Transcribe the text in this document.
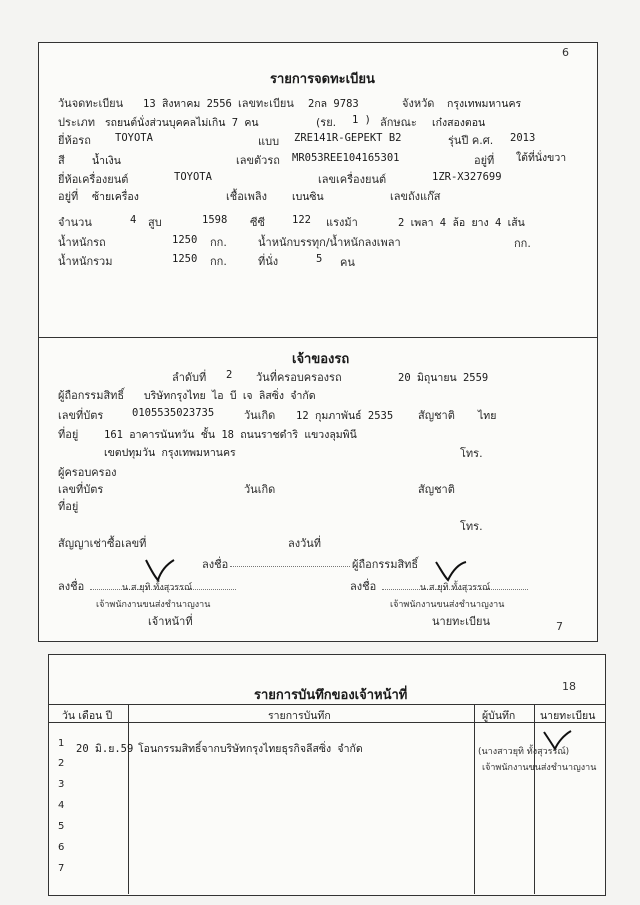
6
รายการจดทะเบียน
วันจดทะเบียน 13 สิงหาคม 2556 เลขทะเบียน 2กล 9783	จังหวัด กรุงเทพมหานคร
ประเภท รถยนต์นั่งส่วนบุคคลไม่เกิน 7 คน	(รย. 1 ) ลักษณะ เก๋งสองตอน
ยี่ห้อรถ TOYOTA	แบบ ZRE141R-GEPEKT B2	รุ่นปี ค.ศ. 2013
สี	น้ำเงิน	เลขตัวรถ MR053REE104165301	อยู่ที่ ใต้ที่นั่งขวา
ยี่ห้อเครื่องยนต์	TOYOTA	เลขเครื่องยนต์	1ZR-X327699
อยู่ที่ ซ้ายเครื่อง	เชื้อเพลิง เบนซิน	เลขถังแก๊ส
จำนวน	4 สูบ	1598 ซีซี	122 แรงม้า	2 เพลา 4 ล้อ ยาง 4 เส้น
น้ำหนักรถ	1250 กก.	น้ำหนักบรรทุก/น้ำหนักลงเพลา	กก.
น้ำหนักรวม	1250 กก.	ที่นั่ง	5 คน
เจ้าของรถ
ลำดับที่ 2 วันที่ครอบครองรถ	20 มิถุนายน 2559
ผู้ถือกรรมสิทธิ์ บริษัทกรุงไทย ไอ บี เจ ลิสซิ่ง จำกัด
เลขที่บัตร	0105535023735	วันเกิด 12 กุมภาพันธ์ 2535 สัญชาติ ไทย
ที่อยู่ 161 อาคารนันทวัน ชั้น 18 ถนนราชดำริ แขวงลุมพินี
เขตปทุมวัน กรุงเทพมหานคร	โทร.
ผู้ครอบครอง
เลขที่บัตร	วันเกิด	สัญชาติ
ที่อยู่
โทร.
สัญญาเช่าซื้อเลขที่	ลงวันที่
ลงชื่อ	ผู้ถือกรรมสิทธิ์
ลงชื่อ	น.ส.ยุทิ ทั้งสุวรรณ์
เจ้าพนักงานขนส่งชำนาญงาน
เจ้าหน้าที่
ลงชื่อ	น.ส.ยุทิ ทั้งสุวรรณ์
เจ้าพนักงานขนส่งชำนาญงาน
นายทะเบียน	7
18
รายการบันทึกของเจ้าหน้าที่
วัน เดือน ปี	รายการบันทึก	ผู้บันทึก นายทะเบียน
1 20 มิ.ย.59 โอนกรรมสิทธิ์จากบริษัทกรุงไทยธุรกิจลีสซิ่ง จำกัด
2
3
4
5
6
7
(นางสาวยุทิ ทั้งสุวรรณ์)
เจ้าพนักงานขนส่งชำนาญงาน
